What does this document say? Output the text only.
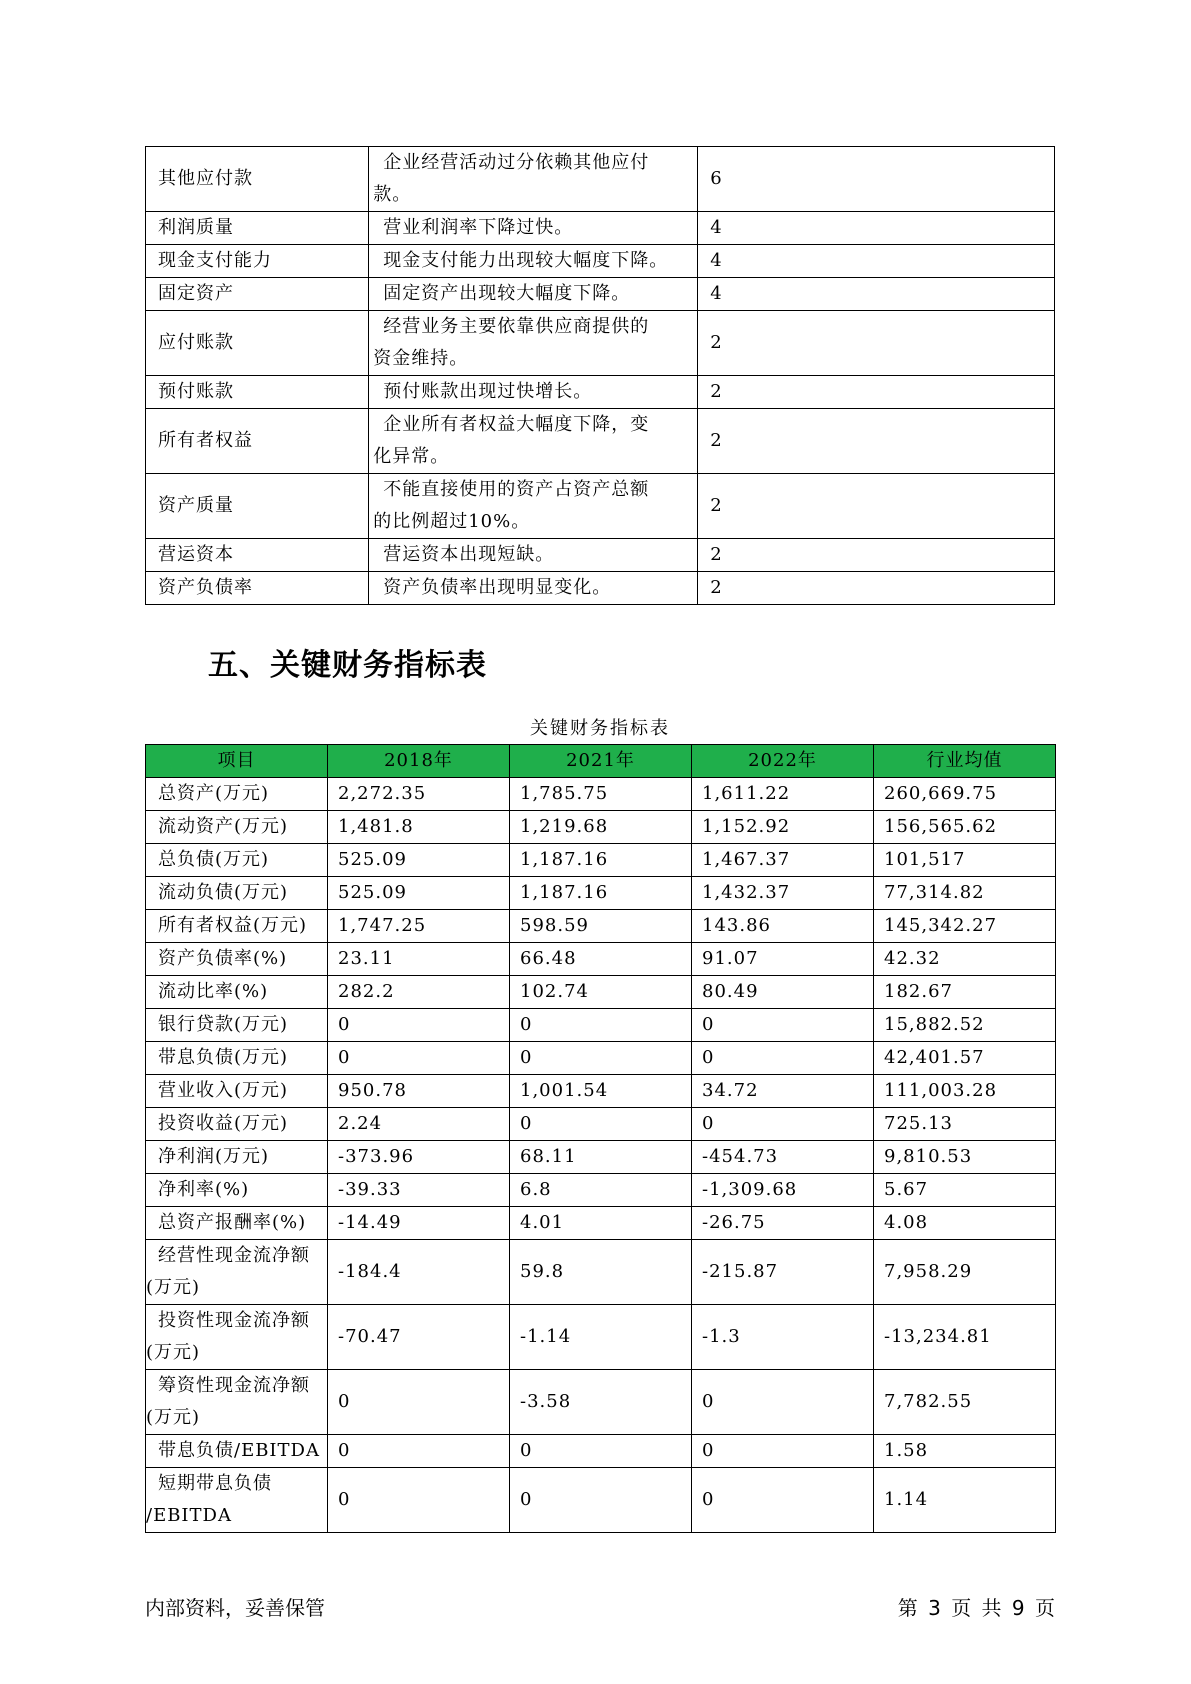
其他应付款	企业经营活动过分依赖其他应付
款。	6
利润质量	营业利润率下降过快。	4
现金支付能力	现金支付能力出现较大幅度下降。	4
固定资产	固定资产出现较大幅度下降。	4
应付账款	经营业务主要依靠供应商提供的
资金维持。	2
预付账款	预付账款出现过快增长。	2
所有者权益	企业所有者权益大幅度下降，变
化异常。	2
资产质量	不能直接使用的资产占资产总额
的比例超过10%。	2
营运资本	营运资本出现短缺。	2
资产负债率	资产负债率出现明显变化。	2
五、关键财务指标表
关键财务指标表
项目	2018年	2021年	2022年	行业均值
总资产(万元)	2,272.35	1,785.75	1,611.22	260,669.75
流动资产(万元)	1,481.8	1,219.68	1,152.92	156,565.62
总负债(万元)	525.09	1,187.16	1,467.37	101,517
流动负债(万元)	525.09	1,187.16	1,432.37	77,314.82
所有者权益(万元)	1,747.25	598.59	143.86	145,342.27
资产负债率(%)	23.11	66.48	91.07	42.32
流动比率(%)	282.2	102.74	80.49	182.67
银行贷款(万元)	0	0	0	15,882.52
带息负债(万元)	0	0	0	42,401.57
营业收入(万元)	950.78	1,001.54	34.72	111,003.28
投资收益(万元)	2.24	0	0	725.13
净利润(万元)	-373.96	68.11	-454.73	9,810.53
净利率(%)	-39.33	6.8	-1,309.68	5.67
总资产报酬率(%)	-14.49	4.01	-26.75	4.08
经营性现金流净额
(万元)	-184.4	59.8	-215.87	7,958.29
投资性现金流净额
(万元)	-70.47	-1.14	-1.3	-13,234.81
筹资性现金流净额
(万元)	0	-3.58	0	7,782.55
带息负债/EBITDA	0	0	0	1.58
短期带息负债
/EBITDA	0	0	0	1.14
内部资料，妥善保管	第 3 页 共 9 页
